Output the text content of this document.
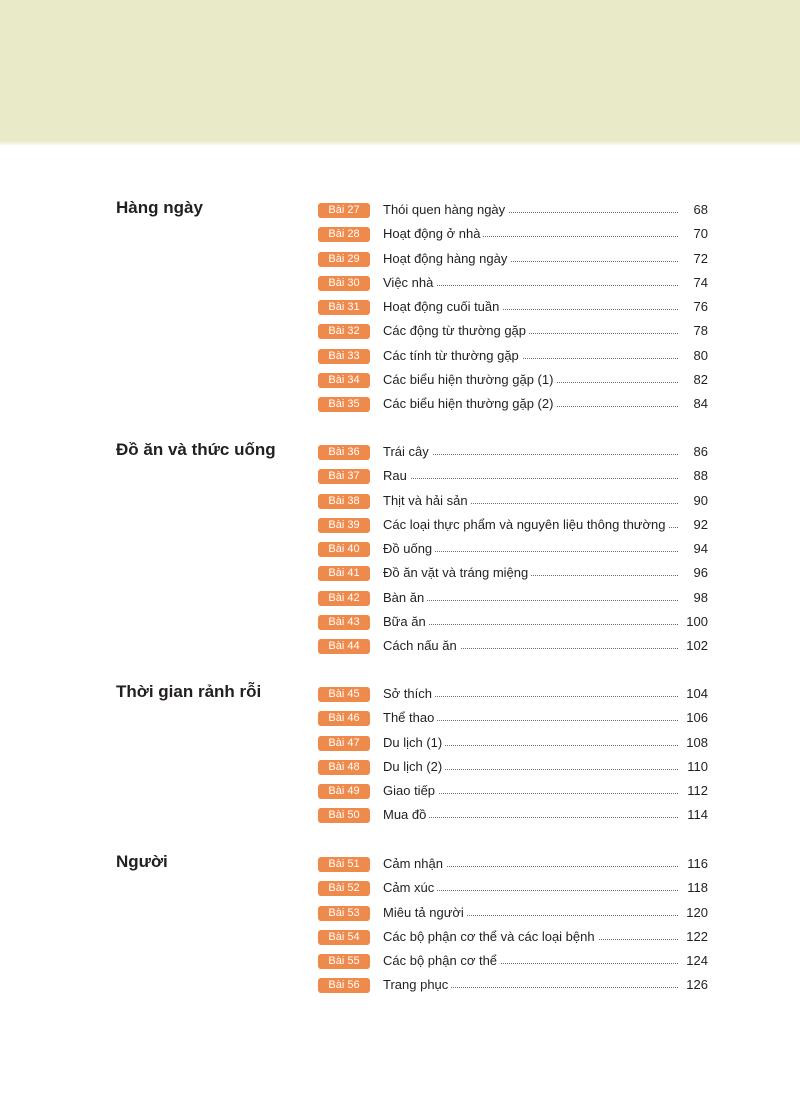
Hàng ngày	Bài 27	Thói quen hàng ngày	68
Bài 28	Hoạt động ở nhà	70
Bài 29	Hoạt động hàng ngày	72
Bài 30	Việc nhà	74
Bài 31	Hoạt động cuối tuần	76
Bài 32	Các động từ thường gặp	78
Bài 33	Các tính từ thường gặp	80
Bài 34	Các biểu hiện thường gặp (1)	82
Bài 35	Các biểu hiện thường gặp (2)	84
Đồ ăn và thức uống	Bài 36	Trái cây	86
Bài 37	Rau	88
Bài 38	Thịt và hải sản	90
Bài 39	Các loại thực phẩm và nguyên liệu thông thường 92
Bài 40	Đồ uống	94
Bài 41	Đồ ăn vặt và tráng miệng	96
Bài 42	Bàn ăn	98
Bài 43	Bữa ăn	100
Bài 44	Cách nấu ăn	102
Thời gian rảnh rỗi	Bài 45	Sở thích	104
Bài 46	Thể thao	106
Bài 47	Du lịch (1)	108
Bài 48	Du lịch (2)	110
Bài 49	Giao tiếp	112
Bài 50	Mua đồ	114
Người	Bài 51	Cảm nhận	116
Bài 52	Cảm xúc	118
Bài 53	Miêu tả người	120
Bài 54	Các bộ phận cơ thể và các loại bệnh	122
Bài 55	Các bộ phận cơ thể	124
Bài 56	Trang phục	126
